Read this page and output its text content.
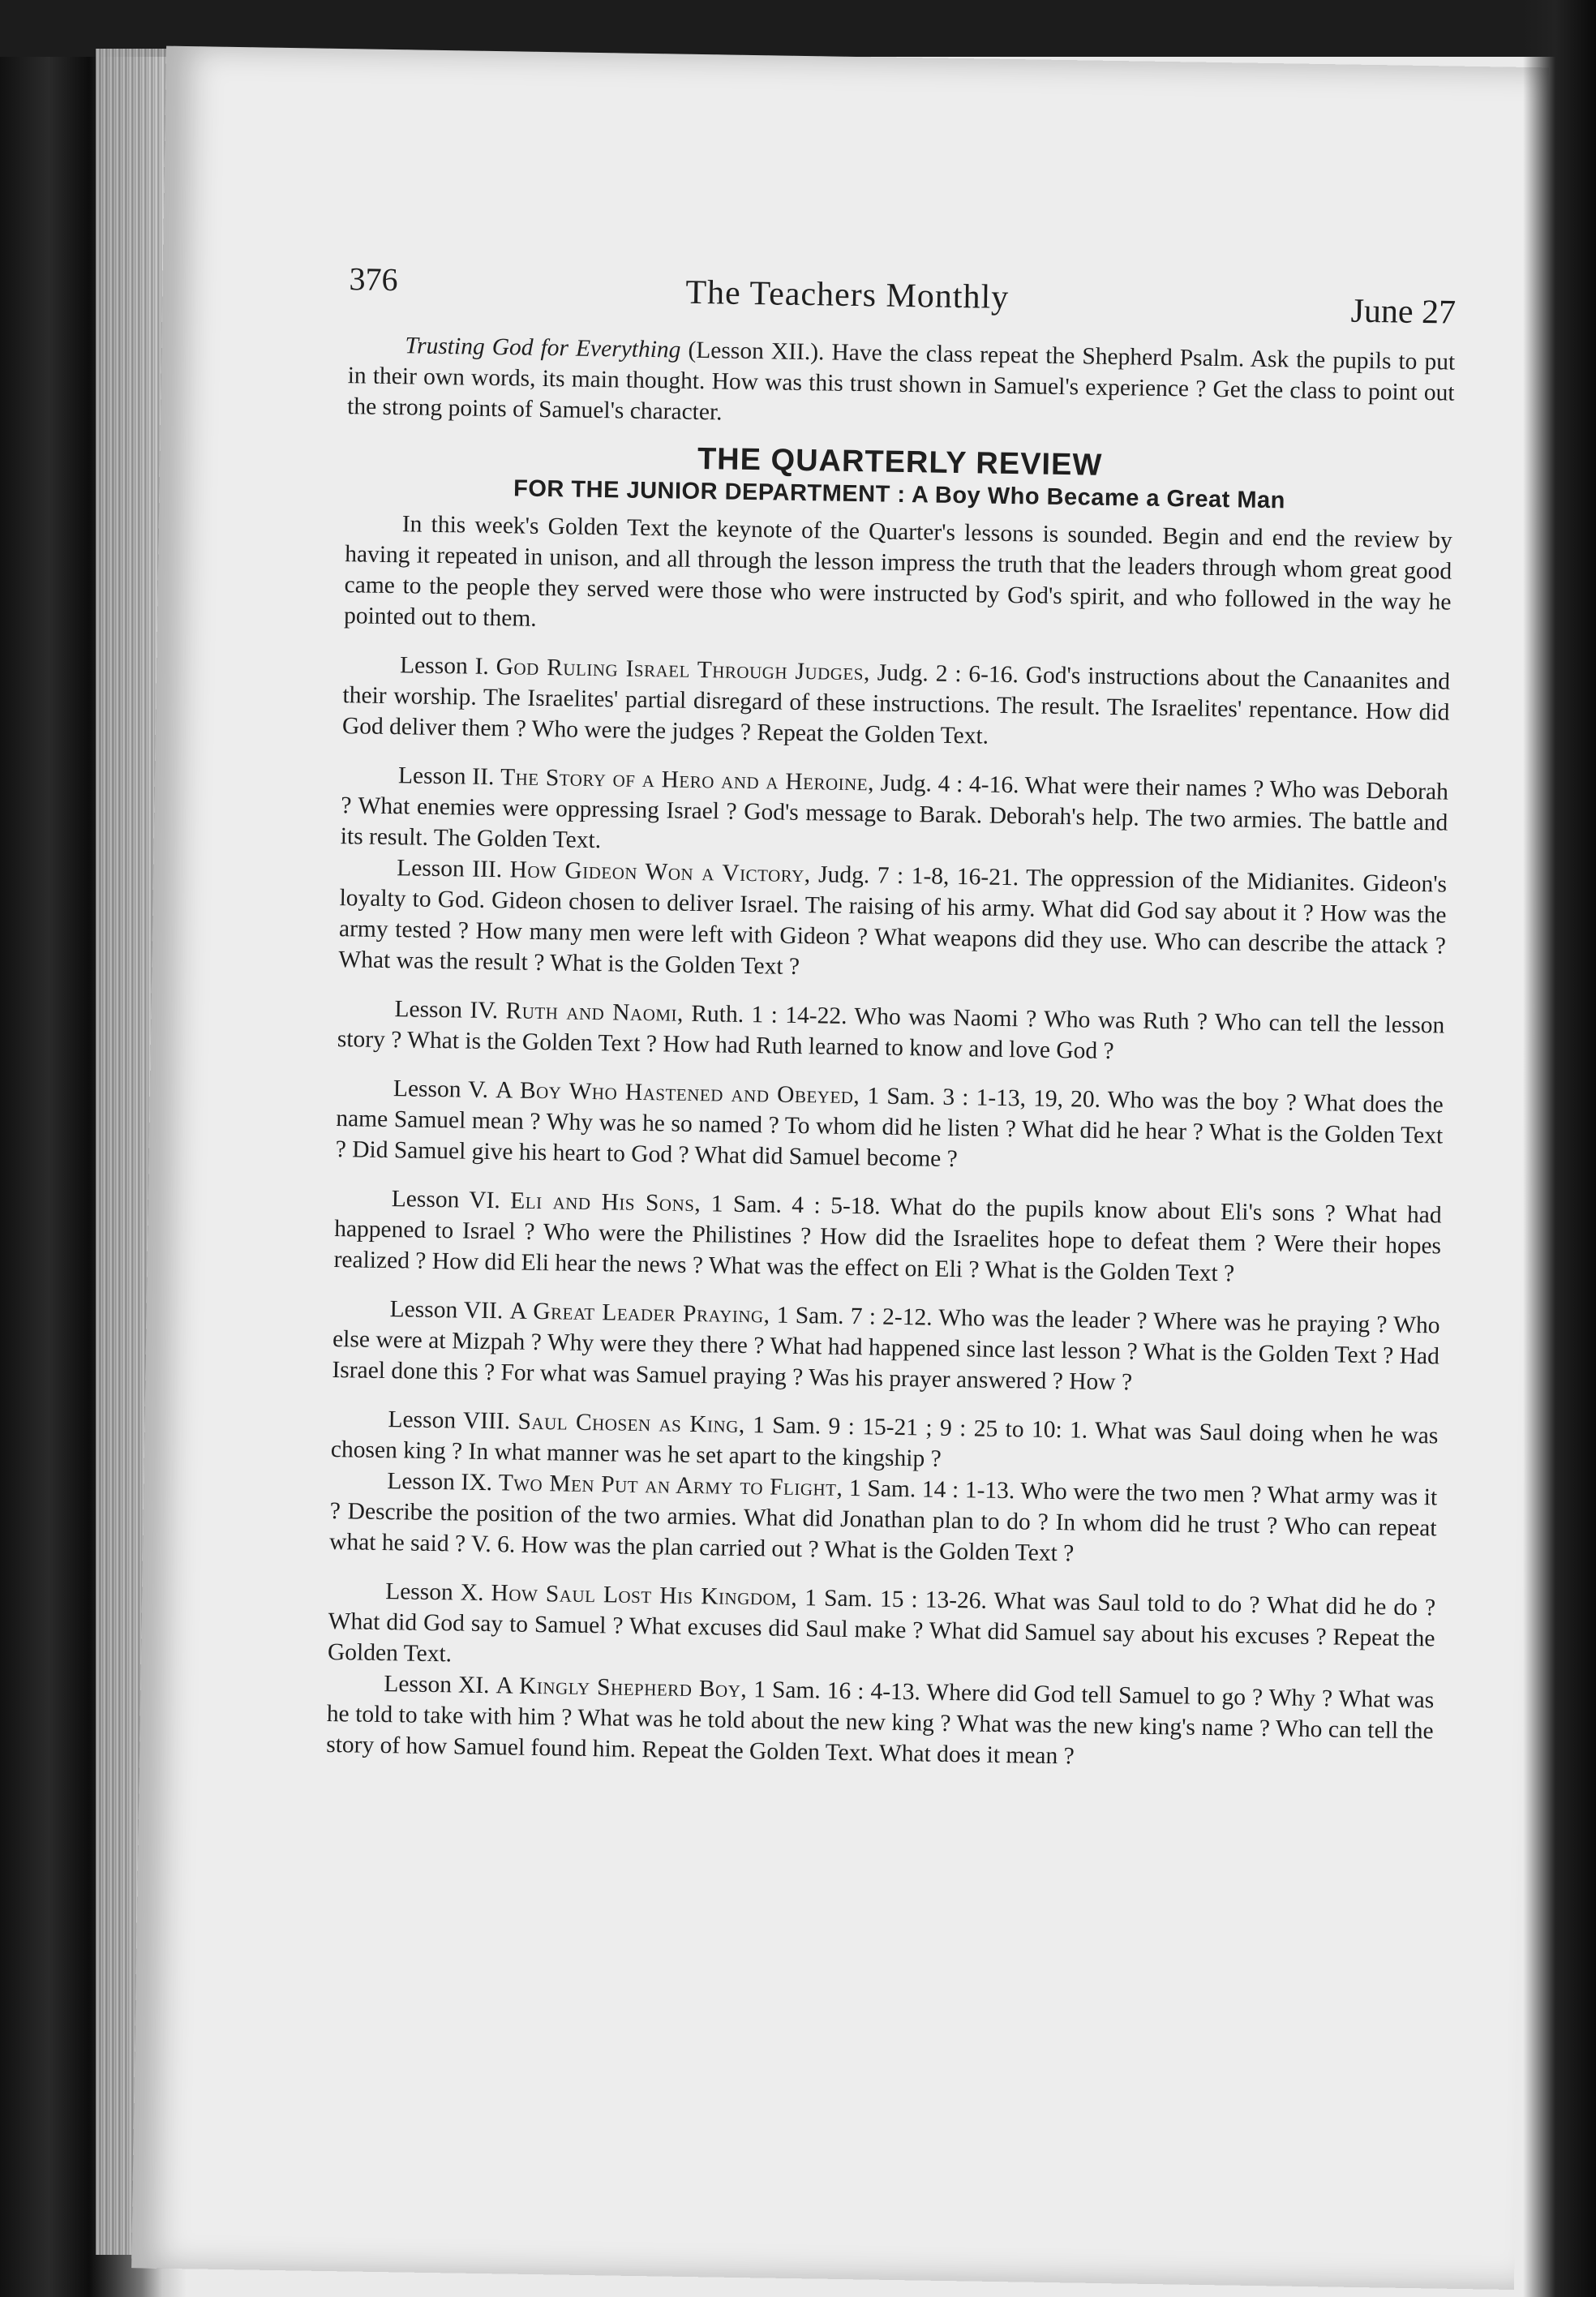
376	The Teachers Monthly	June 27

Trusting God for Everything (Lesson XII.). Have the class repeat the Shepherd Psalm. Ask the pupils to put in their own words, its main thought. How was this trust shown in Samuel's experience ? Get the class to point out the strong points of Samuel's character.

THE QUARTERLY REVIEW
FOR THE JUNIOR DEPARTMENT : A Boy Who Became a Great Man

In this week's Golden Text the keynote of the Quarter's lessons is sounded. Begin and end the review by having it repeated in unison, and all through the lesson impress the truth that the leaders through whom great good came to the people they served were those who were instructed by God's spirit, and who followed in the way he pointed out to them.

Lesson I. God Ruling Israel Through Judges, Judg. 2 : 6-16. God's instructions about the Canaanites and their worship. The Israelites' partial disregard of these instructions. The result. The Israelites' repentance. How did God deliver them ? Who were the judges ? Repeat the Golden Text.

Lesson II. The Story of a Hero and a Heroine, Judg. 4 : 4-16. What were their names ? Who was Deborah ? What enemies were oppressing Israel ? God's message to Barak. Deborah's help. The two armies. The battle and its result. The Golden Text.

Lesson III. How Gideon Won a Victory, Judg. 7 : 1-8, 16-21. The oppression of the Midianites. Gideon's loyalty to God. Gideon chosen to deliver Israel. The raising of his army. What did God say about it ? How was the army tested ? How many men were left with Gideon ? What weapons did they use. Who can describe the attack ? What was the result ? What is the Golden Text ?

Lesson IV. Ruth and Naomi, Ruth. 1 : 14-22. Who was Naomi ? Who was Ruth ? Who can tell the lesson story ? What is the Golden Text ? How had Ruth learned to know and love God ?

Lesson V. A Boy Who Hastened and Obeyed, 1 Sam. 3 : 1-13, 19, 20. Who was the boy ? What does the name Samuel mean ? Why was he so named ? To whom did he listen ? What did he hear ? What is the Golden Text ? Did Samuel give his heart to God ? What did Samuel become ?

Lesson VI. Eli and His Sons, 1 Sam. 4 : 5-18. What do the pupils know about Eli's sons ? What had happened to Israel ? Who were the Philistines ? How did the Israelites hope to defeat them ? Were their hopes realized ? How did Eli hear the news ? What was the effect on Eli ? What is the Golden Text ?

Lesson VII. A Great Leader Praying, 1 Sam. 7 : 2-12. Who was the leader ? Where was he praying ? Who else were at Mizpah ? Why were they there ? What had happened since last lesson ? What is the Golden Text ? Had Israel done this ? For what was Samuel praying ? Was his prayer answered ? How ?

Lesson VIII. Saul Chosen as King, 1 Sam. 9 : 15-21 ; 9 : 25 to 10: 1. What was Saul doing when he was chosen king ? In what manner was he set apart to the kingship ?

Lesson IX. Two Men Put an Army to Flight, 1 Sam. 14 : 1-13. Who were the two men ? What army was it ? Describe the position of the two armies. What did Jonathan plan to do ? In whom did he trust ? Who can repeat what he said ? V. 6. How was the plan carried out ? What is the Golden Text ?

Lesson X. How Saul Lost His Kingdom, 1 Sam. 15 : 13-26. What was Saul told to do ? What did he do ? What did God say to Samuel ? What excuses did Saul make ? What did Samuel say about his excuses ? Repeat the Golden Text.

Lesson XI. A Kingly Shepherd Boy, 1 Sam. 16 : 4-13. Where did God tell Samuel to go ? Why ? What was he told to take with him ? What was he told about the new king ? What was the new king's name ? Who can tell the story of how Samuel found him. Repeat the Golden Text. What does it mean ?
